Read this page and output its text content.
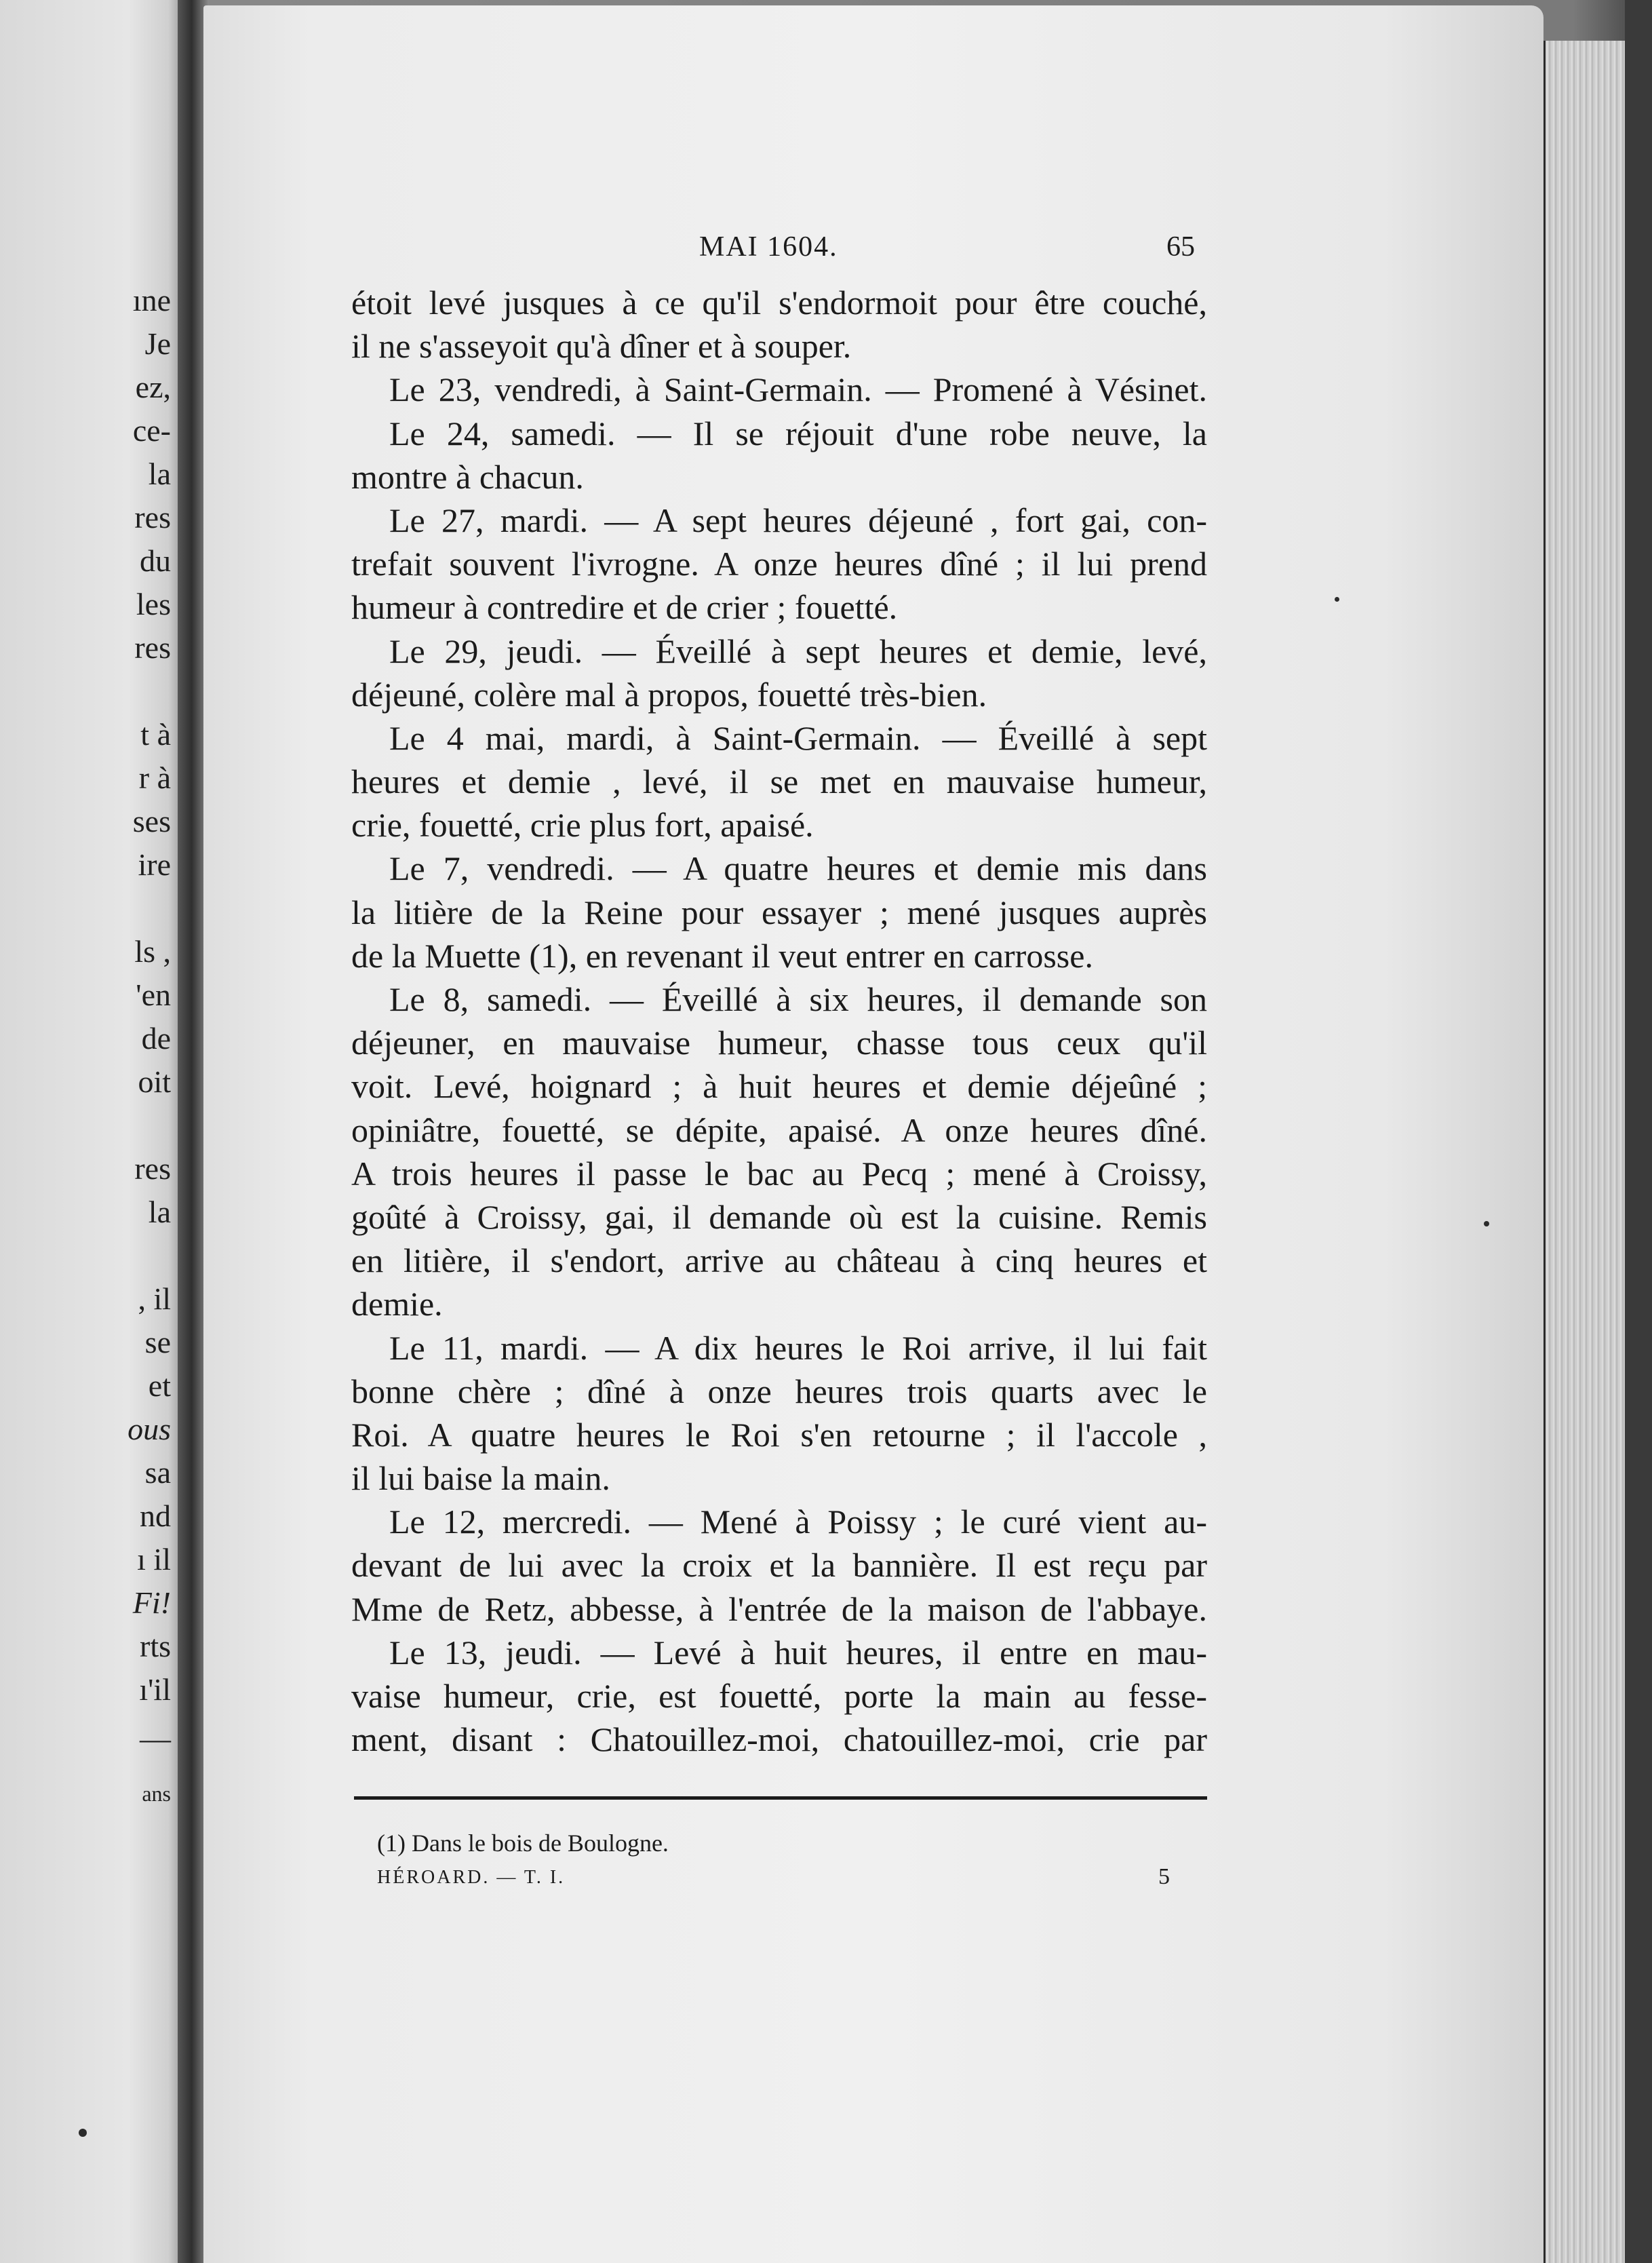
ıne
Je
ez,
ce-
la
res
du
les
res
t à
r à
ses
ire
ls ,
'en
de
oit
res
la
, il
se
et
ous
sa
nd
ı il
Fi!
rts
ı'il
—
ans
MAI 1604.	65
étoit levé jusques à ce qu'il s'endormoit pour être couché,
il ne s'asseyoit qu'à dîner et à souper.
Le 23, vendredi, à Saint-Germain. — Promené à Vésinet.
Le 24, samedi. — Il se réjouit d'une robe neuve, la
montre à chacun.
Le 27, mardi. — A sept heures déjeuné , fort gai, con-
trefait souvent l'ivrogne. A onze heures dîné ; il lui prend
humeur à contredire et de crier ; fouetté.
Le 29, jeudi. — Éveillé à sept heures et demie, levé,
déjeuné, colère mal à propos, fouetté très-bien.
Le 4 mai, mardi, à Saint-Germain. — Éveillé à sept
heures et demie , levé, il se met en mauvaise humeur,
crie, fouetté, crie plus fort, apaisé.
Le 7, vendredi. — A quatre heures et demie mis dans
la litière de la Reine pour essayer ; mené jusques auprès
de la Muette (1), en revenant il veut entrer en carrosse.
Le 8, samedi. — Éveillé à six heures, il demande son
déjeuner, en mauvaise humeur, chasse tous ceux qu'il
voit. Levé, hoignard ; à huit heures et demie déjeûné ;
opiniâtre, fouetté, se dépite, apaisé. A onze heures dîné.
A trois heures il passe le bac au Pecq ; mené à Croissy,
goûté à Croissy, gai, il demande où est la cuisine. Remis
en litière, il s'endort, arrive au château à cinq heures et
demie.
Le 11, mardi. — A dix heures le Roi arrive, il lui fait
bonne chère ; dîné à onze heures trois quarts avec le
Roi. A quatre heures le Roi s'en retourne ; il l'accole ,
il lui baise la main.
Le 12, mercredi. — Mené à Poissy ; le curé vient au-
devant de lui avec la croix et la bannière. Il est reçu par
Mme de Retz, abbesse, à l'entrée de la maison de l'abbaye.
Le 13, jeudi. — Levé à huit heures, il entre en mau-
vaise humeur, crie, est fouetté, porte la main au fesse-
ment, disant : Chatouillez-moi, chatouillez-moi, crie par
(1) Dans le bois de Boulogne.
HÉROARD. — T. I.	5
